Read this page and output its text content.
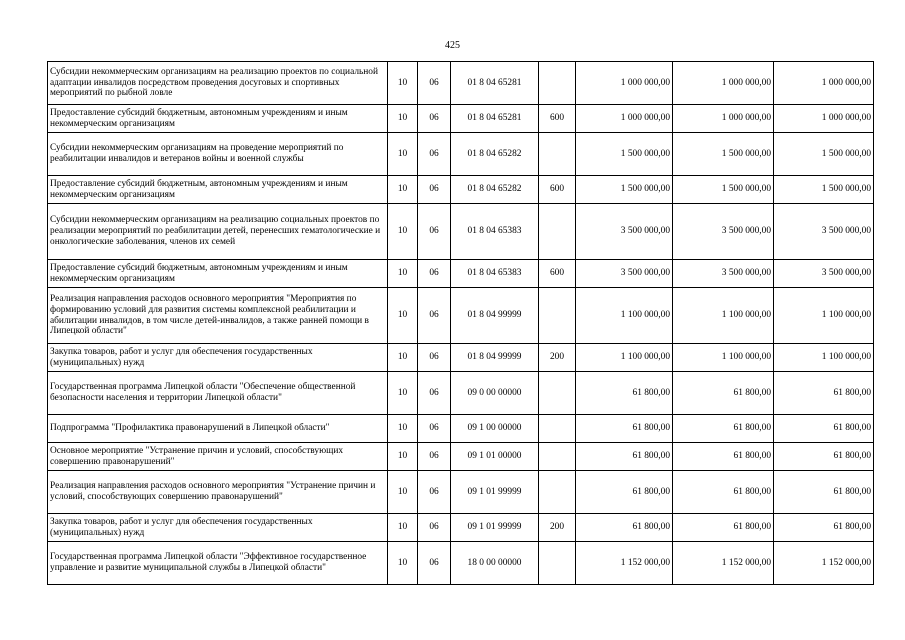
425
Субсидии некоммерческим организациям на реализацию проектов по социальной адаптации инвалидов посредством проведения досуговых и спортивных мероприятий по рыбной ловле	10	06	01 8 04 65281		1 000 000,00	1 000 000,00	1 000 000,00
Предоставление субсидий бюджетным, автономным учреждениям и иным некоммерческим организациям	10	06	01 8 04 65281	600	1 000 000,00	1 000 000,00	1 000 000,00
Субсидии некоммерческим организациям на проведение мероприятий по реабилитации инвалидов и ветеранов войны и военной службы	10	06	01 8 04 65282		1 500 000,00	1 500 000,00	1 500 000,00
Предоставление субсидий бюджетным, автономным учреждениям и иным некоммерческим организациям	10	06	01 8 04 65282	600	1 500 000,00	1 500 000,00	1 500 000,00
Субсидии некоммерческим организациям на реализацию социальных проектов по реализации мероприятий по реабилитации детей, перенесших гематологические и онкологические заболевания, членов их семей	10	06	01 8 04 65383		3 500 000,00	3 500 000,00	3 500 000,00
Предоставление субсидий бюджетным, автономным учреждениям и иным некоммерческим организациям	10	06	01 8 04 65383	600	3 500 000,00	3 500 000,00	3 500 000,00
Реализация направления расходов основного мероприятия "Мероприятия по формированию условий для развития системы комплексной реабилитации и абилитации инвалидов, в том числе детей-инвалидов, а также ранней помощи в Липецкой области"	10	06	01 8 04 99999		1 100 000,00	1 100 000,00	1 100 000,00
Закупка товаров, работ и услуг для обеспечения государственных (муниципальных) нужд	10	06	01 8 04 99999	200	1 100 000,00	1 100 000,00	1 100 000,00
Государственная программа Липецкой области "Обеспечение общественной безопасности населения и территории Липецкой области"	10	06	09 0 00 00000		61 800,00	61 800,00	61 800,00
Подпрограмма "Профилактика правонарушений в Липецкой области"	10	06	09 1 00 00000		61 800,00	61 800,00	61 800,00
Основное мероприятие "Устранение причин и условий, способствующих совершению правонарушений"	10	06	09 1 01 00000		61 800,00	61 800,00	61 800,00
Реализация направления расходов основного мероприятия "Устранение причин и условий, способствующих совершению правонарушений"	10	06	09 1 01 99999		61 800,00	61 800,00	61 800,00
Закупка товаров, работ и услуг для обеспечения государственных (муниципальных) нужд	10	06	09 1 01 99999	200	61 800,00	61 800,00	61 800,00
Государственная программа Липецкой области "Эффективное государственное управление и развитие муниципальной службы в Липецкой области"	10	06	18 0 00 00000		1 152 000,00	1 152 000,00	1 152 000,00
